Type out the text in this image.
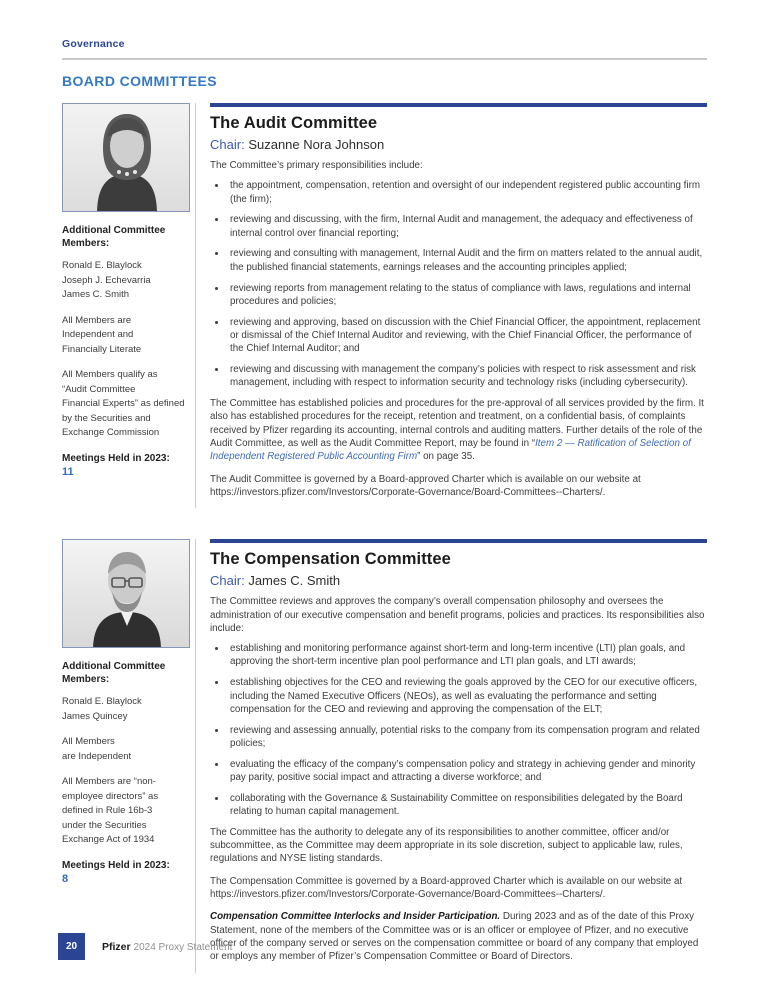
Governance
BOARD COMMITTEES
Additional Committee Members:
Ronald E. Blaylock
Joseph J. Echevarria
James C. Smith
All Members are
Independent and
Financially Literate
All Members qualify as
“Audit Committee
Financial Experts” as defined
by the Securities and
Exchange Commission
Meetings Held in 2023:
11
The Audit Committee
Chair: Suzanne Nora Johnson

The Committee’s primary responsibilities include:

• the appointment, compensation, retention and oversight of our independent registered public accounting firm (the firm);
• reviewing and discussing, with the firm, Internal Audit and management, the adequacy and effectiveness of internal control over financial reporting;
• reviewing and consulting with management, Internal Audit and the firm on matters related to the annual audit, the published financial statements, earnings releases and the accounting principles applied;
• reviewing reports from management relating to the status of compliance with laws, regulations and internal procedures and policies;
• reviewing and approving, based on discussion with the Chief Financial Officer, the appointment, replacement or dismissal of the Chief Internal Auditor and reviewing, with the Chief Financial Officer, the performance of the Chief Internal Auditor; and
• reviewing and discussing with management the company’s policies with respect to risk assessment and risk management, including with respect to information security and technology risks (including cybersecurity).

The Committee has established policies and procedures for the pre-approval of all services provided by the firm. It also has established procedures for the receipt, retention and treatment, on a confidential basis, of complaints received by Pfizer regarding its accounting, internal controls and auditing matters. Further details of the role of the Audit Committee, as well as the Audit Committee Report, may be found in “Item 2 — Ratification of Selection of Independent Registered Public Accounting Firm” on page 35.

The Audit Committee is governed by a Board-approved Charter which is available on our website at https://investors.pfizer.com/Investors/Corporate-Governance/Board-Committees--Charters/.

Additional Committee Members:
Ronald E. Blaylock
James Quincey
All Members
are Independent
All Members are “non-
employee directors” as
defined in Rule 16b-3
under the Securities
Exchange Act of 1934
Meetings Held in 2023:
8
The Compensation Committee
Chair: James C. Smith

The Committee reviews and approves the company’s overall compensation philosophy and oversees the administration of our executive compensation and benefit programs, policies and practices. Its responsibilities also include:

• establishing and monitoring performance against short-term and long-term incentive (LTI) plan goals, and approving the short-term incentive plan pool performance and LTI plan goals, and LTI awards;
• establishing objectives for the CEO and reviewing the goals approved by the CEO for our executive officers, including the Named Executive Officers (NEOs), as well as evaluating the performance and setting compensation for the CEO and reviewing and approving the compensation of the ELT;
• reviewing and assessing annually, potential risks to the company from its compensation program and related policies;
• evaluating the efficacy of the company’s compensation policy and strategy in achieving gender and minority pay parity, positive social impact and attracting a diverse workforce; and
• collaborating with the Governance & Sustainability Committee on responsibilities delegated by the Board relating to human capital management.

The Committee has the authority to delegate any of its responsibilities to another committee, officer and/or subcommittee, as the Committee may deem appropriate in its sole discretion, subject to applicable law, rules, regulations and NYSE listing standards.

The Compensation Committee is governed by a Board-approved Charter which is available on our website at https://investors.pfizer.com/Investors/Corporate-Governance/Board-Committees--Charters/.

Compensation Committee Interlocks and Insider Participation. During 2023 and as of the date of this Proxy Statement, none of the members of the Committee was or is an officer or employee of Pfizer, and no executive officer of the company served or serves on the compensation committee or board of any company that employed or employs any member of Pfizer’s Compensation Committee or Board of Directors.

20	Pfizer 2024 Proxy Statement
